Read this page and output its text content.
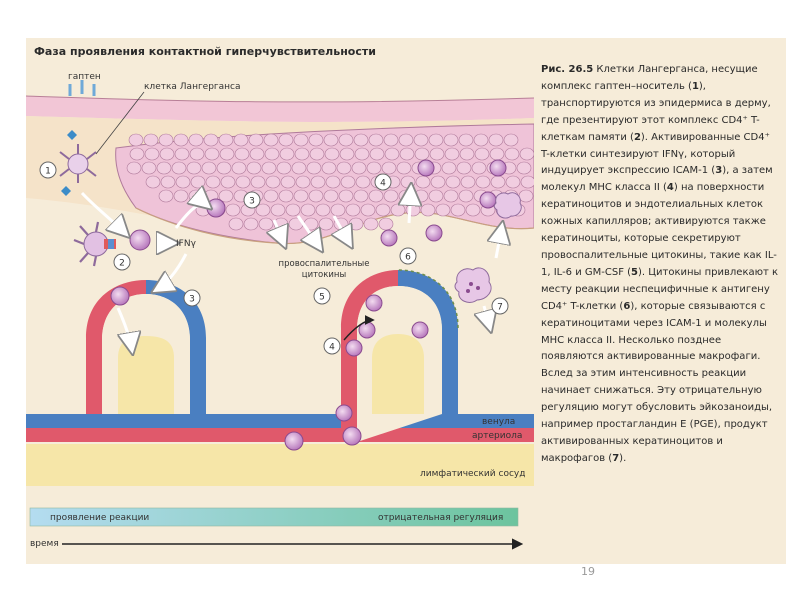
Фаза проявления контактной гиперчувствительности
1
2
3
3
4
4
5
6
7
гаптен
клетка Лангерганса
IFNγ
провоспалительные
цитокины
венула
артериола
лимфатический сосуд
проявление реакции	отрицательная регуляция
время
Рис. 26.5 Клетки Лангерганса, несущие комплекс гаптен–носитель (1), транспортируются из эпидермиса в дерму, где презентируют этот комплекс CD4⁺ T-клеткам памяти (2). Активированные CD4⁺ T-клетки синтезируют IFNγ, который индуцирует экспрессию ICAM-1 (3), а затем молекул MHC класса II (4) на поверхности кератиноцитов и эндотелиальных клеток кожных капилляров; активируются также кератиноциты, которые секретируют провоспалительные цитокины, такие как IL-1, IL-6 и GM-CSF (5). Цитокины привлекают к месту реакции неспецифичные к антигену CD4⁺ T-клетки (6), которые связываются с кератиноцитами через ICAM-1 и молекулы MHC класса II. Несколько позднее появляются активированные макрофаги. Вслед за этим интенсивность реакции начинает снижаться. Эту отрицательную регуляцию могут обусловить эйкозаноиды, например простагландин E (PGE), продукт активированных кератиноцитов и макрофагов (7).
19
